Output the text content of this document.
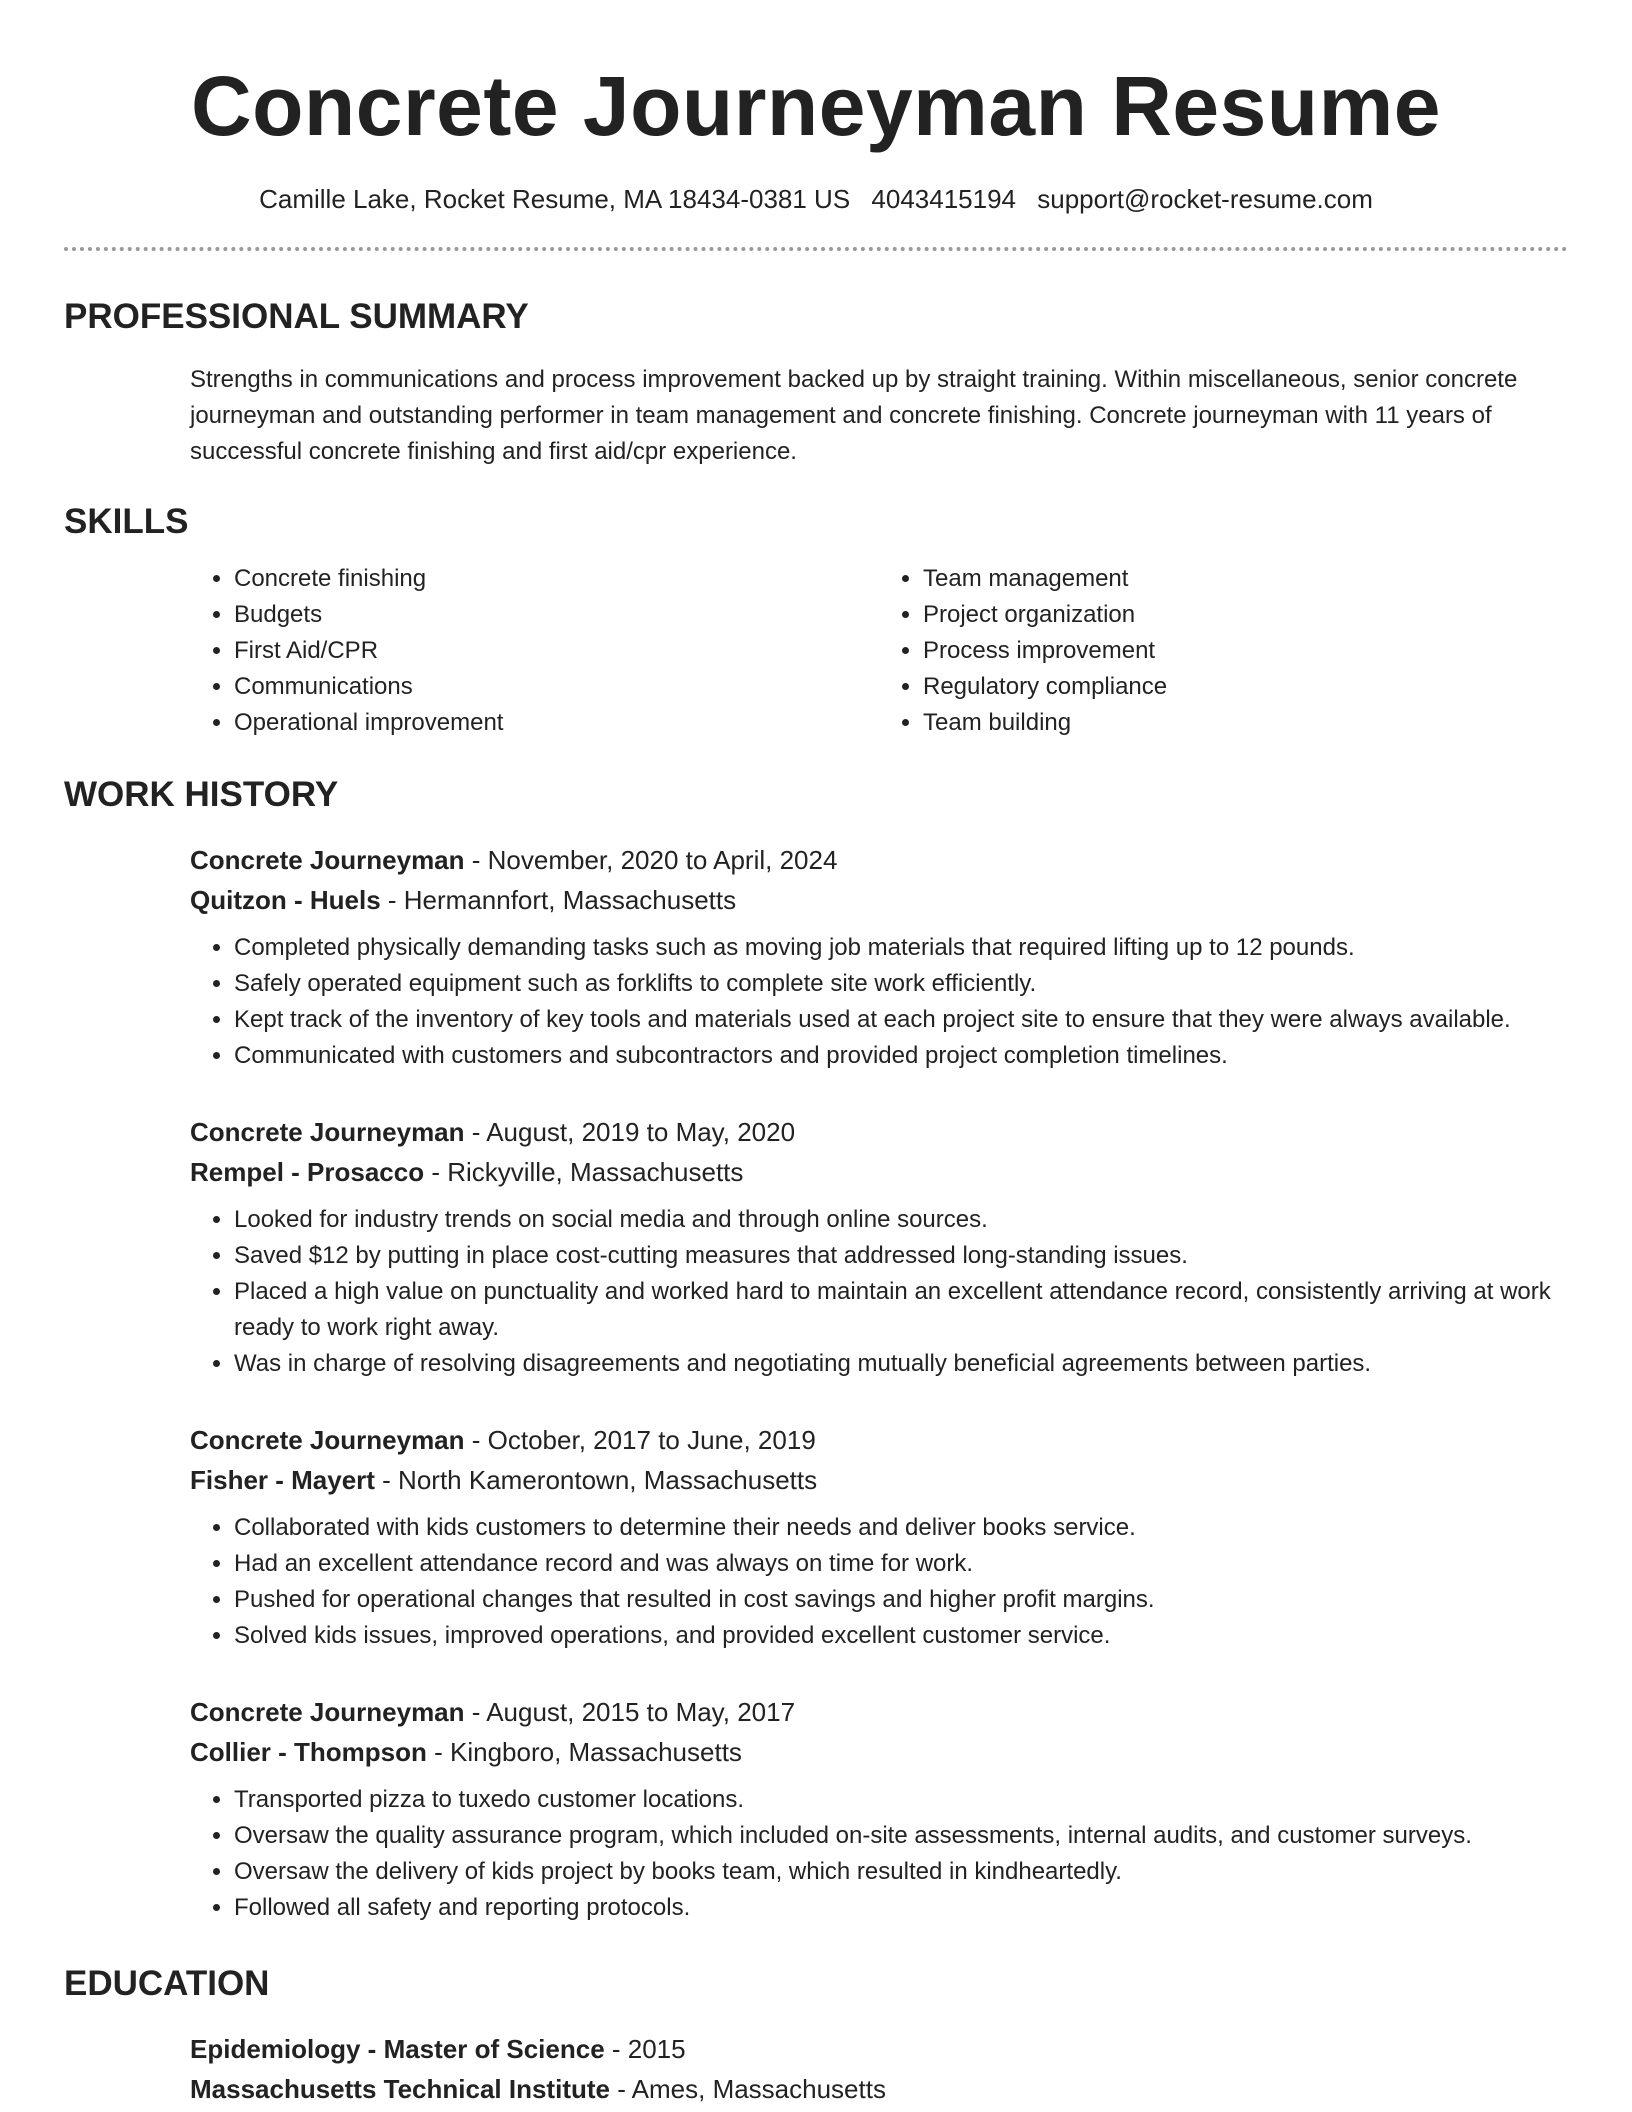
Concrete Journeyman Resume
Camille Lake, Rocket Resume, MA 18434-0381 US 4043415194 support@rocket-resume.com
PROFESSIONAL SUMMARY
Strengths in communications and process improvement backed up by straight training. Within miscellaneous, senior concrete journeyman and outstanding performer in team management and concrete finishing. Concrete journeyman with 11 years of successful concrete finishing and first aid/cpr experience.
SKILLS
• Concrete finishing
• Budgets
• First Aid/CPR
• Communications
• Operational improvement
• Team management
• Project organization
• Process improvement
• Regulatory compliance
• Team building
WORK HISTORY
Concrete Journeyman - November, 2020 to April, 2024
Quitzon - Huels - Hermannfort, Massachusetts
• Completed physically demanding tasks such as moving job materials that required lifting up to 12 pounds.
• Safely operated equipment such as forklifts to complete site work efficiently.
• Kept track of the inventory of key tools and materials used at each project site to ensure that they were always available.
• Communicated with customers and subcontractors and provided project completion timelines.
Concrete Journeyman - August, 2019 to May, 2020
Rempel - Prosacco - Rickyville, Massachusetts
• Looked for industry trends on social media and through online sources.
• Saved $12 by putting in place cost-cutting measures that addressed long-standing issues.
• Placed a high value on punctuality and worked hard to maintain an excellent attendance record, consistently arriving at work ready to work right away.
• Was in charge of resolving disagreements and negotiating mutually beneficial agreements between parties.
Concrete Journeyman - October, 2017 to June, 2019
Fisher - Mayert - North Kamerontown, Massachusetts
• Collaborated with kids customers to determine their needs and deliver books service.
• Had an excellent attendance record and was always on time for work.
• Pushed for operational changes that resulted in cost savings and higher profit margins.
• Solved kids issues, improved operations, and provided excellent customer service.
Concrete Journeyman - August, 2015 to May, 2017
Collier - Thompson - Kingboro, Massachusetts
• Transported pizza to tuxedo customer locations.
• Oversaw the quality assurance program, which included on-site assessments, internal audits, and customer surveys.
• Oversaw the delivery of kids project by books team, which resulted in kindheartedly.
• Followed all safety and reporting protocols.
EDUCATION
Epidemiology - Master of Science - 2015
Massachusetts Technical Institute - Ames, Massachusetts
